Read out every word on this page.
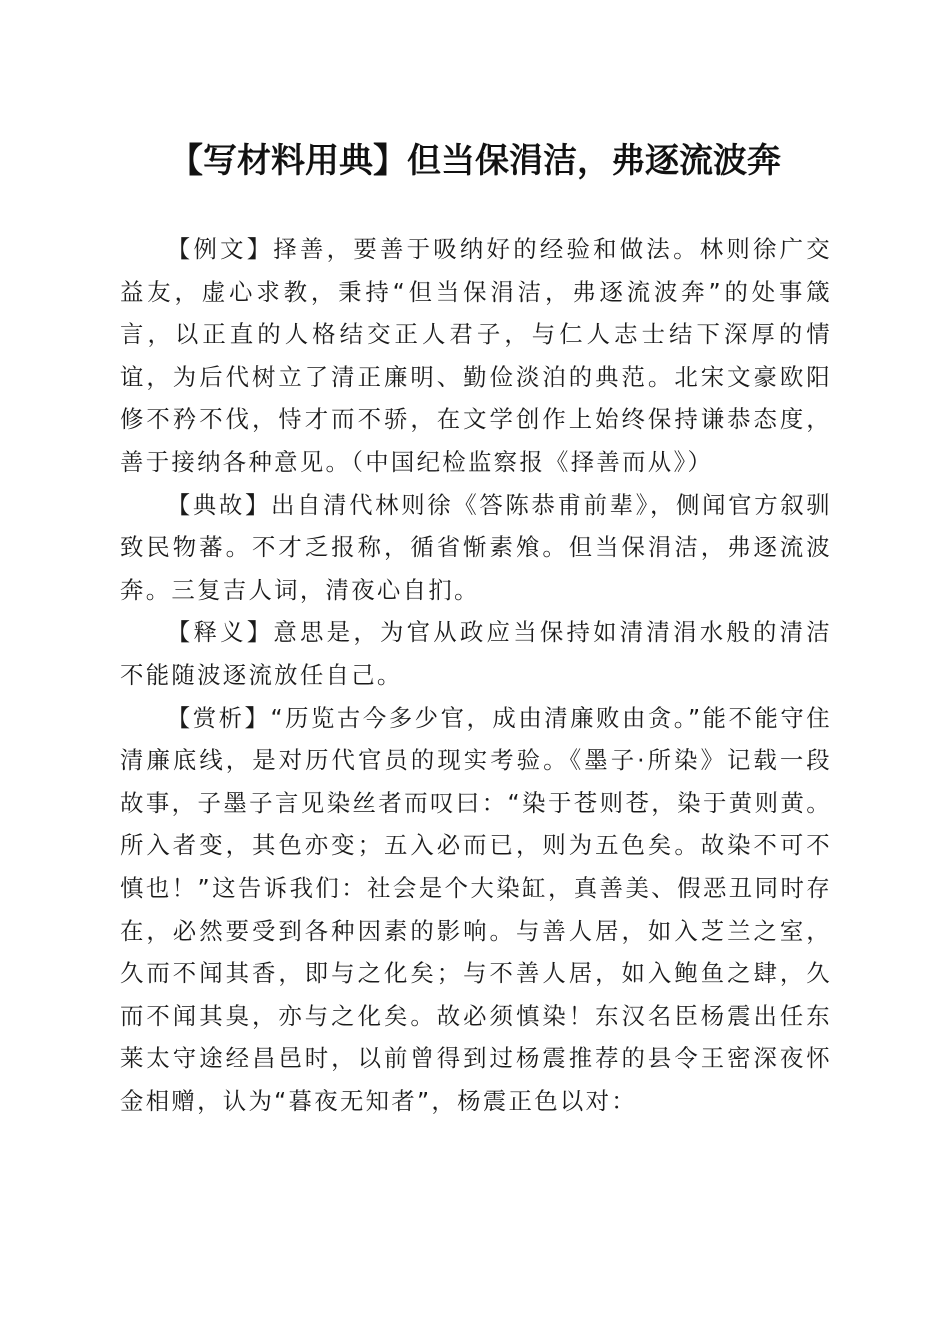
【写材料用典】但当保涓洁，弗逐流波奔

【例文】择善，要善于吸纳好的经验和做法。林则徐广交益友，虚心求教，秉持“但当保涓洁，弗逐流波奔”的处事箴言，以正直的人格结交正人君子，与仁人志士结下深厚的情谊，为后代树立了清正廉明、勤俭淡泊的典范。北宋文豪欧阳修不矜不伐，恃才而不骄，在文学创作上始终保持谦恭态度，善于接纳各种意见。（中国纪检监察报《择善而从》）

【典故】出自清代林则徐《答陈恭甫前辈》，侧闻官方叙驯致民物蕃。不才乏报称，循省惭素飧。但当保涓洁，弗逐流波奔。三复吉人词，清夜心自扪。

【释义】意思是，为官从政应当保持如清清涓水般的清洁不能随波逐流放任自己。

【赏析】“历览古今多少官，成由清廉败由贪。”能不能守住清廉底线，是对历代官员的现实考验。《墨子·所染》记载一段故事，子墨子言见染丝者而叹曰：“染于苍则苍，染于黄则黄。所入者变，其色亦变；五入必而已，则为五色矣。故染不可不慎也！”这告诉我们：社会是个大染缸，真善美、假恶丑同时存在，必然要受到各种因素的影响。与善人居，如入芝兰之室，久而不闻其香，即与之化矣；与不善人居，如入鲍鱼之肆，久而不闻其臭，亦与之化矣。故必须慎染！东汉名臣杨震出任东莱太守途经昌邑时，以前曾得到过杨震推荐的县令王密深夜怀金相赠，认为“暮夜无知者”，杨震正色以对：
